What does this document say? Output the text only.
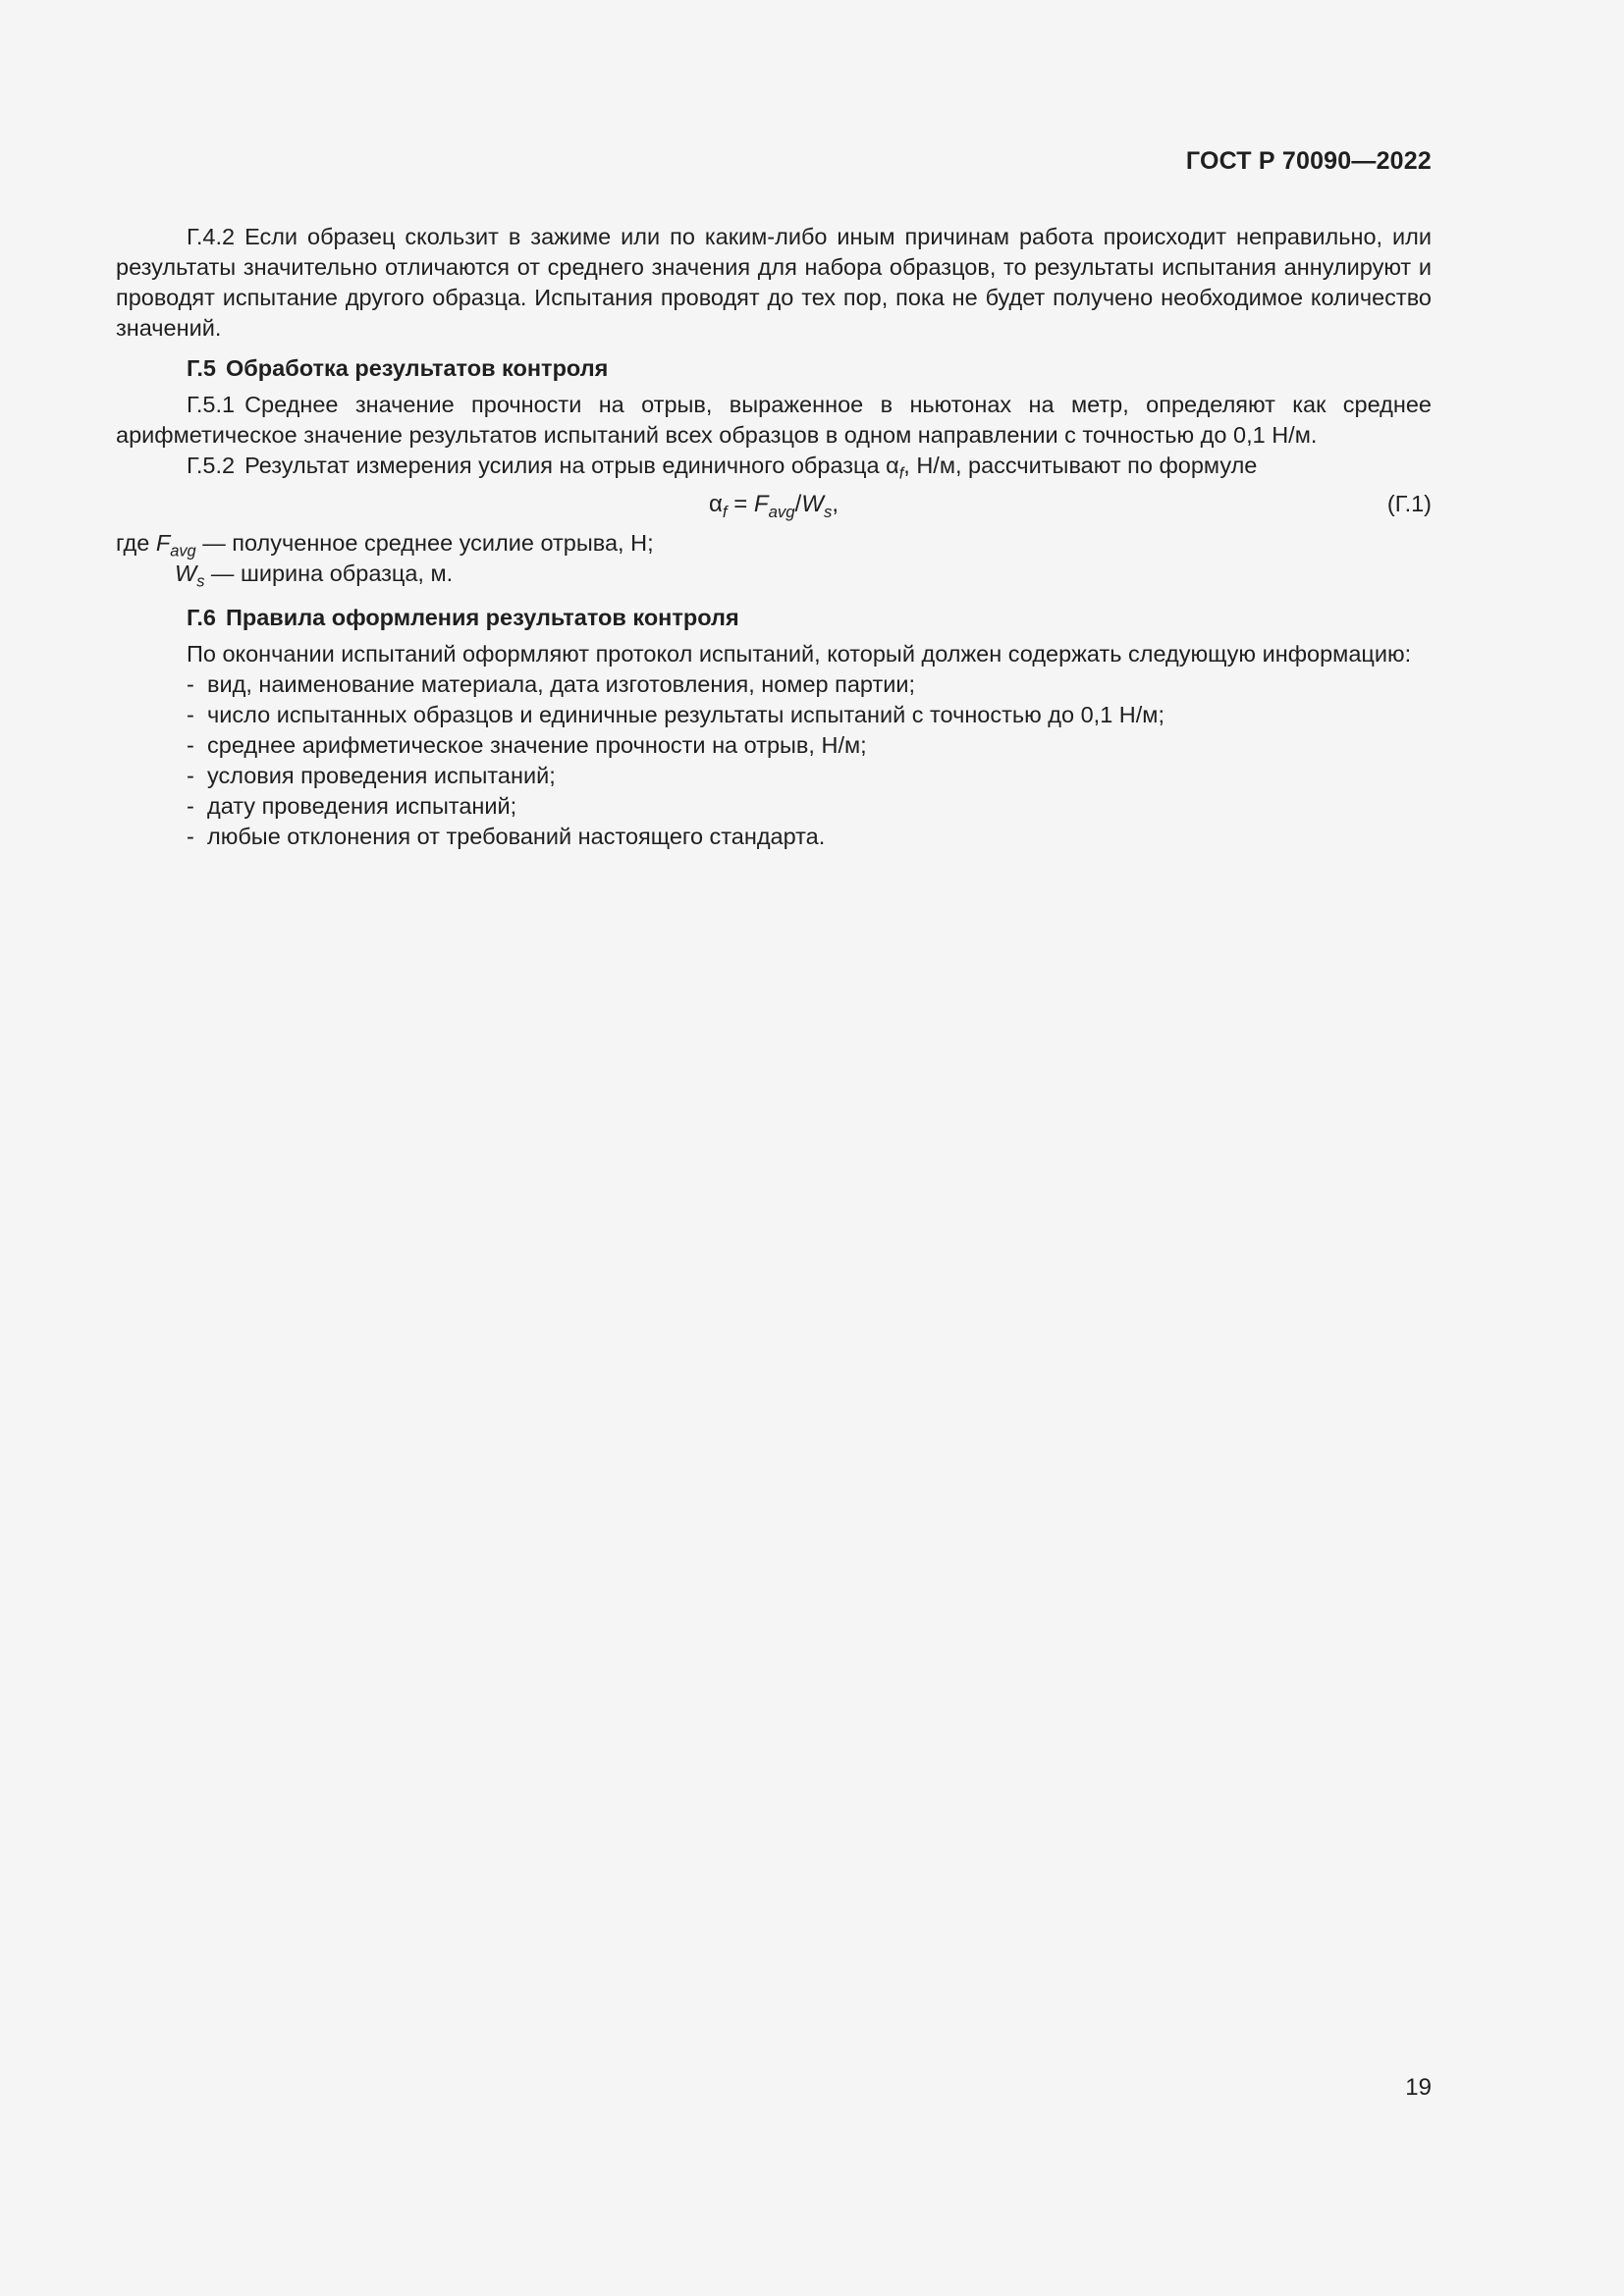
ГОСТ Р 70090—2022

Г.4.2 Если образец скользит в зажиме или по каким-либо иным причинам работа происходит неправильно, или результаты значительно отличаются от среднего значения для набора образцов, то результаты испытания аннулируют и проводят испытание другого образца. Испытания проводят до тех пор, пока не будет получено необходимое количество значений.

Г.5 Обработка результатов контроля

Г.5.1 Среднее значение прочности на отрыв, выраженное в ньютонах на метр, определяют как среднее арифметическое значение результатов испытаний всех образцов в одном направлении с точностью до 0,1 Н/м.

Г.5.2 Результат измерения усилия на отрыв единичного образца $\alpha_f$, Н/м, рассчитывают по формуле

$\alpha_f = F_{avg}/W_s$,	(Г.1)

где $F_{avg}$ — полученное среднее усилие отрыва, Н;

$W_s$ — ширина образца, м.

Г.6 Правила оформления результатов контроля

По окончании испытаний оформляют протокол испытаний, который должен содержать следующую информацию:

- вид, наименование материала, дата изготовления, номер партии;
- число испытанных образцов и единичные результаты испытаний с точностью до 0,1 Н/м;
- среднее арифметическое значение прочности на отрыв, Н/м;
- условия проведения испытаний;
- дату проведения испытаний;
- любые отклонения от требований настоящего стандарта.
19
